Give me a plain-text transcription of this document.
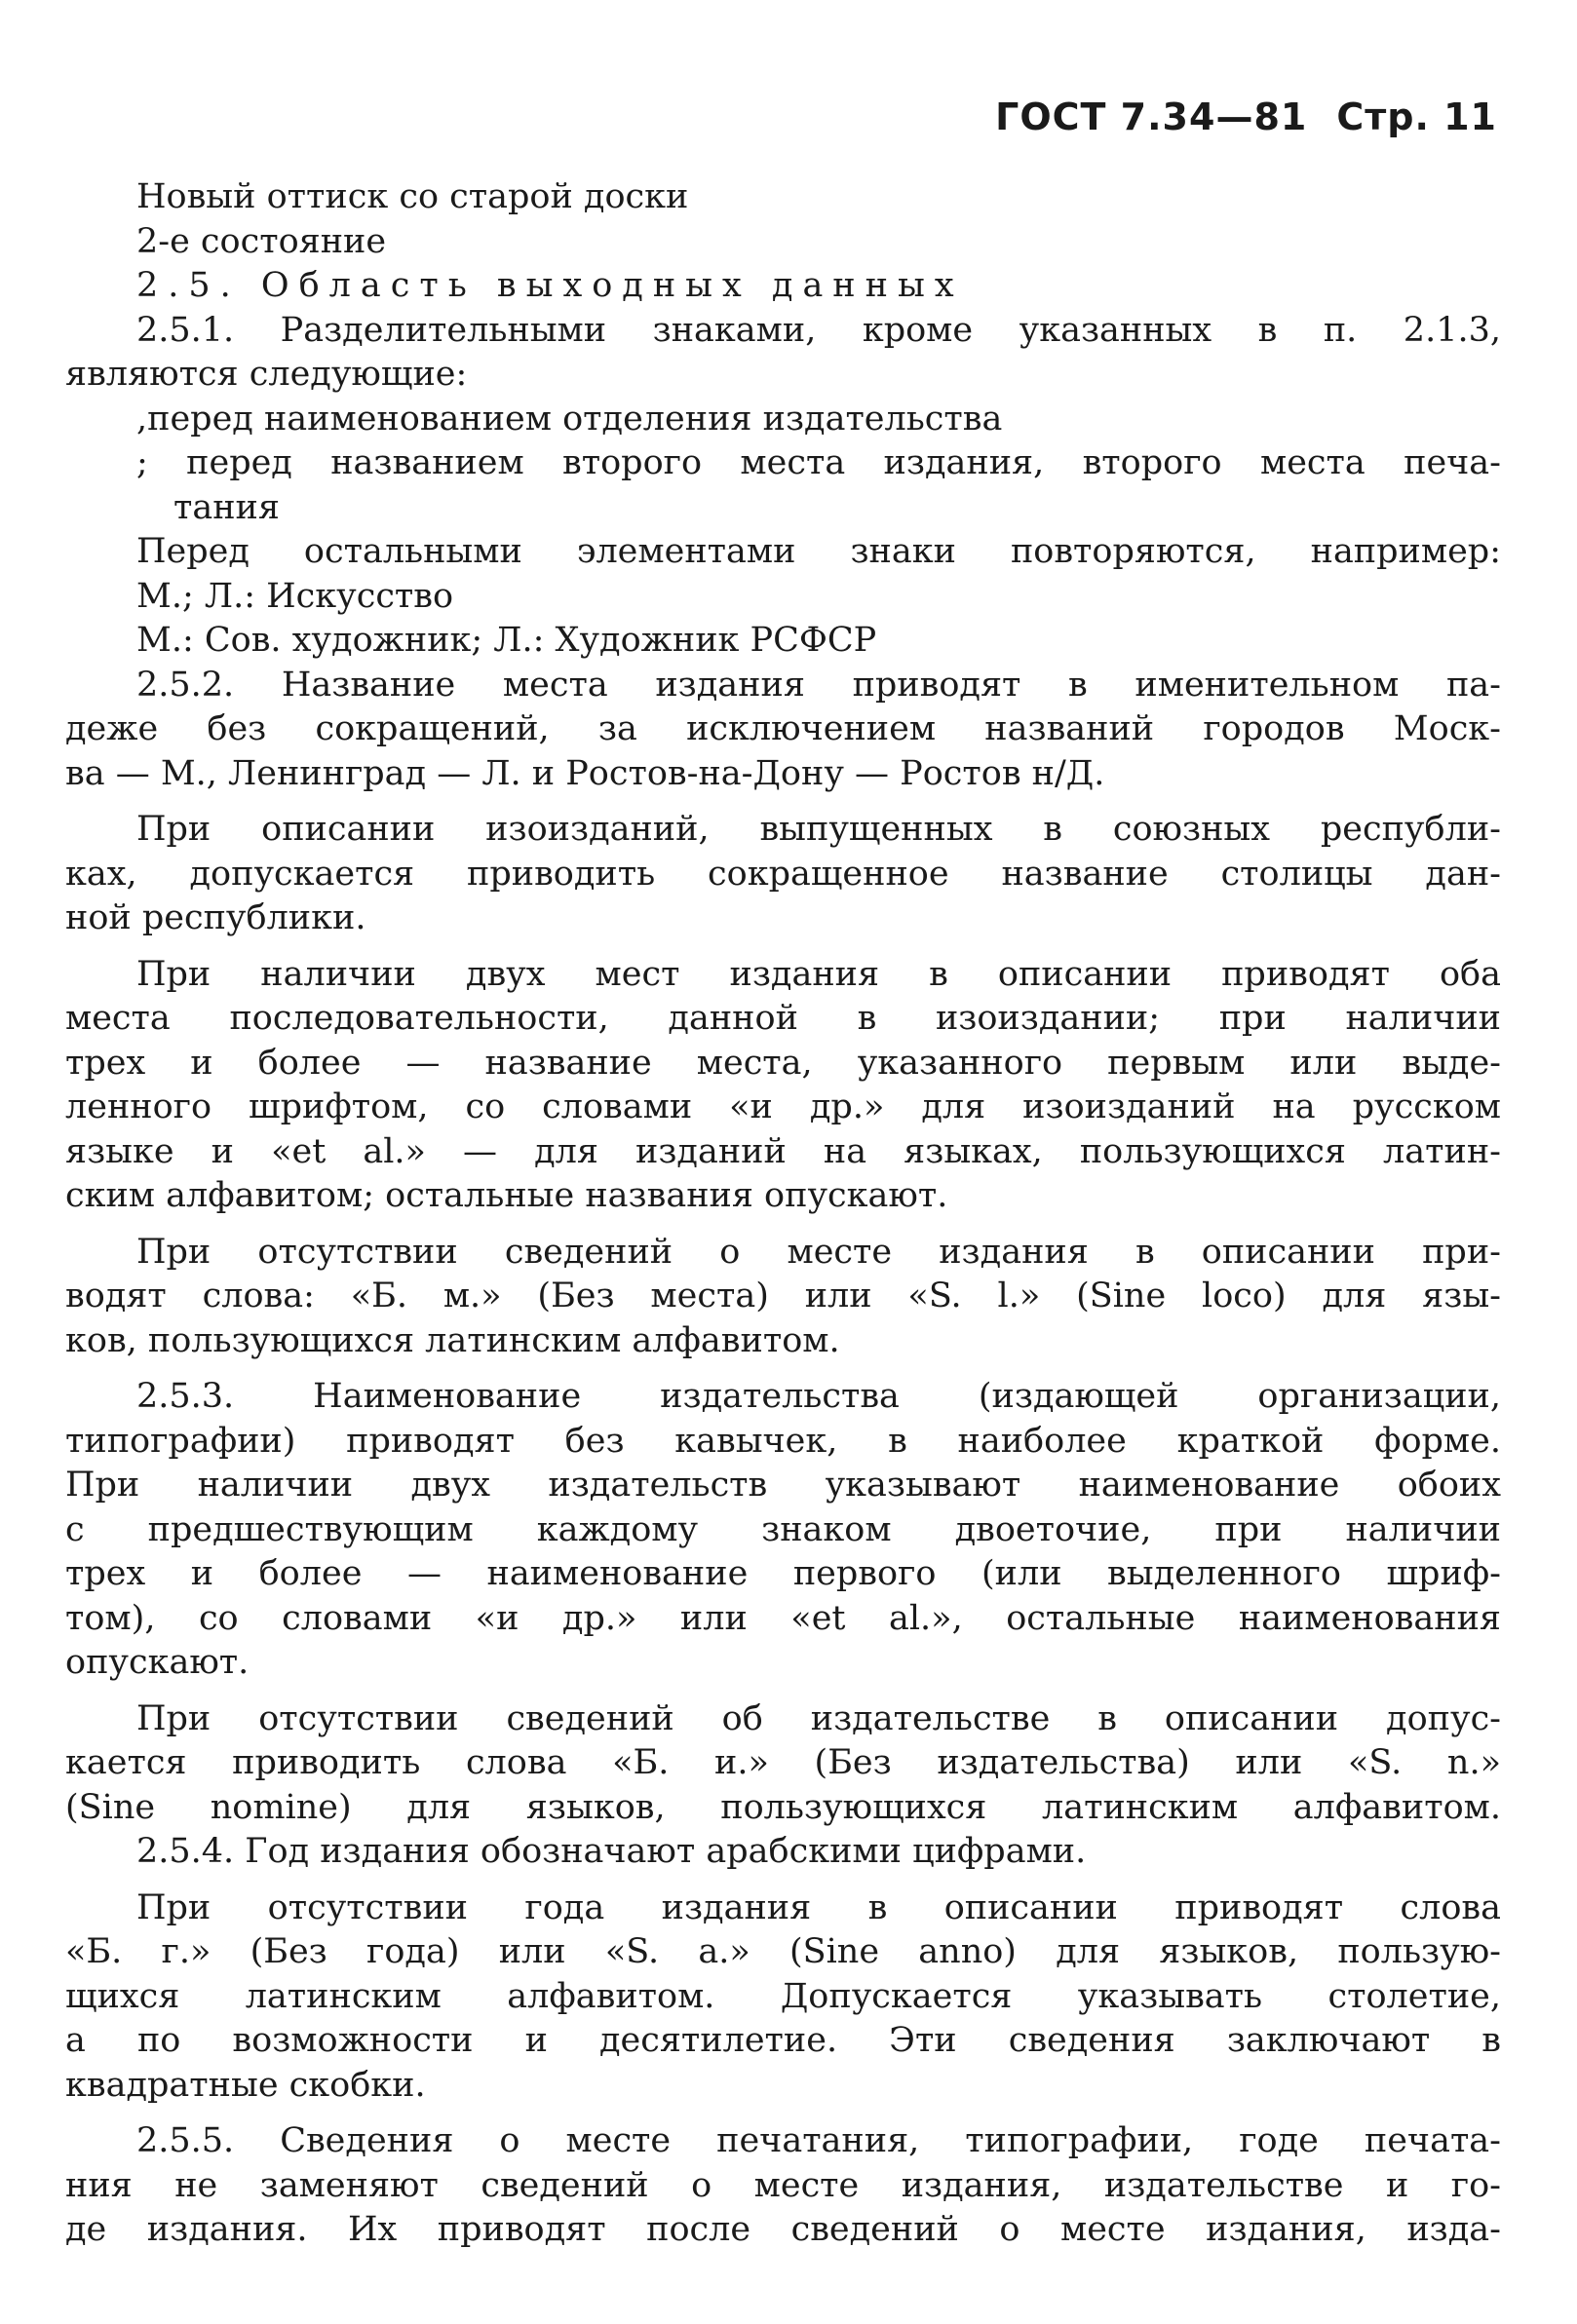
ГОСТ 7.34—81 Стр. 11
Новый оттиск со старой доски
2-е состояние
2.5. Область выходных данных
2.5.1. Разделительными знаками, кроме указанных в п. 2.1.3,
являются следующие:
,перед наименованием отделения издательства
; перед названием второго места издания, второго места печа-
тания
Перед остальными элементами знаки повторяются, например:
М.; Л.: Искусство
М.: Сов. художник; Л.: Художник РСФСР
2.5.2. Название места издания приводят в именительном па-
деже без сокращений, за исключением названий городов Моск-
ва — М., Ленинград — Л. и Ростов-на-Дону — Ростов н/Д.
При описании изоизданий, выпущенных в союзных республи-
ках, допускается приводить сокращенное название столицы дан-
ной республики.
При наличии двух мест издания в описании приводят оба
места последовательности, данной в изоиздании; при наличии
трех и более — название места, указанного первым или выде-
ленного шрифтом, со словами «и др.» для изоизданий на русском
языке и «et al.» — для изданий на языках, пользующихся латин-
ским алфавитом; остальные названия опускают.
При отсутствии сведений о месте издания в описании при-
водят слова: «Б. м.» (Без места) или «S. l.» (Sine loco) для язы-
ков, пользующихся латинским алфавитом.
2.5.3. Наименование издательства (издающей организации,
типографии) приводят без кавычек, в наиболее краткой форме.
При наличии двух издательств указывают наименование обоих
с предшествующим каждому знаком двоеточие, при наличии
трех и более — наименование первого (или выделенного шриф-
том), со словами «и др.» или «et al.», остальные наименования
опускают.
При отсутствии сведений об издательстве в описании допус-
кается приводить слова «Б. и.» (Без издательства) или «S. n.»
(Sine nomine) для языков, пользующихся латинским алфавитом.
2.5.4. Год издания обозначают арабскими цифрами.
При отсутствии года издания в описании приводят слова
«Б. г.» (Без года) или «S. a.» (Sine anno) для языков, пользую-
щихся латинским алфавитом. Допускается указывать столетие,
а по возможности и десятилетие. Эти сведения заключают в
квадратные скобки.
2.5.5. Сведения о месте печатания, типографии, годе печата-
ния не заменяют сведений о месте издания, издательстве и го-
де издания. Их приводят после сведений о месте издания, изда-
